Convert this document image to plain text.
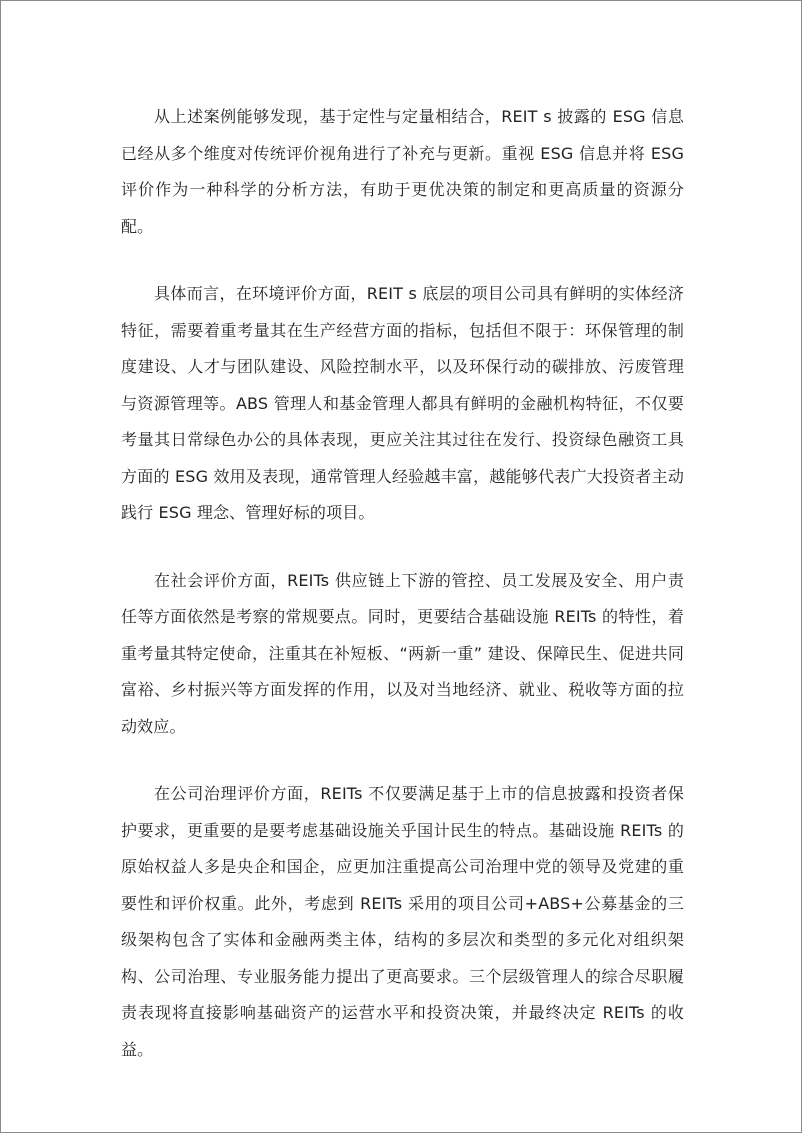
从上述案例能够发现，基于定性与定量相结合，REIT s 披露的 ESG 信息已经从多个维度对传统评价视角进行了补充与更新。重视 ESG 信息并将 ESG 评价作为一种科学的分析方法，有助于更优决策的制定和更高质量的资源分配。

具体而言，在环境评价方面，REIT s 底层的项目公司具有鲜明的实体经济特征，需要着重考量其在生产经营方面的指标，包括但不限于：环保管理的制度建设、人才与团队建设、风险控制水平，以及环保行动的碳排放、污废管理与资源管理等。ABS 管理人和基金管理人都具有鲜明的金融机构特征，不仅要考量其日常绿色办公的具体表现，更应关注其过往在发行、投资绿色融资工具方面的 ESG 效用及表现，通常管理人经验越丰富，越能够代表广大投资者主动践行 ESG 理念、管理好标的项目。

在社会评价方面，REITs 供应链上下游的管控、员工发展及安全、用户责任等方面依然是考察的常规要点。同时，更要结合基础设施 REITs 的特性，着重考量其特定使命，注重其在补短板、“两新一重” 建设、保障民生、促进共同富裕、乡村振兴等方面发挥的作用，以及对当地经济、就业、税收等方面的拉动效应。

在公司治理评价方面，REITs 不仅要满足基于上市的信息披露和投资者保护要求，更重要的是要考虑基础设施关乎国计民生的特点。基础设施 REITs 的原始权益人多是央企和国企，应更加注重提高公司治理中党的领导及党建的重要性和评价权重。此外，考虑到 REITs 采用的项目公司+ABS+公募基金的三级架构包含了实体和金融两类主体，结构的多层次和类型的多元化对组织架构、公司治理、专业服务能力提出了更高要求。三个层级管理人的综合尽职履责表现将直接影响基础资产的运营水平和投资决策，并最终决定 REITs 的收益。
